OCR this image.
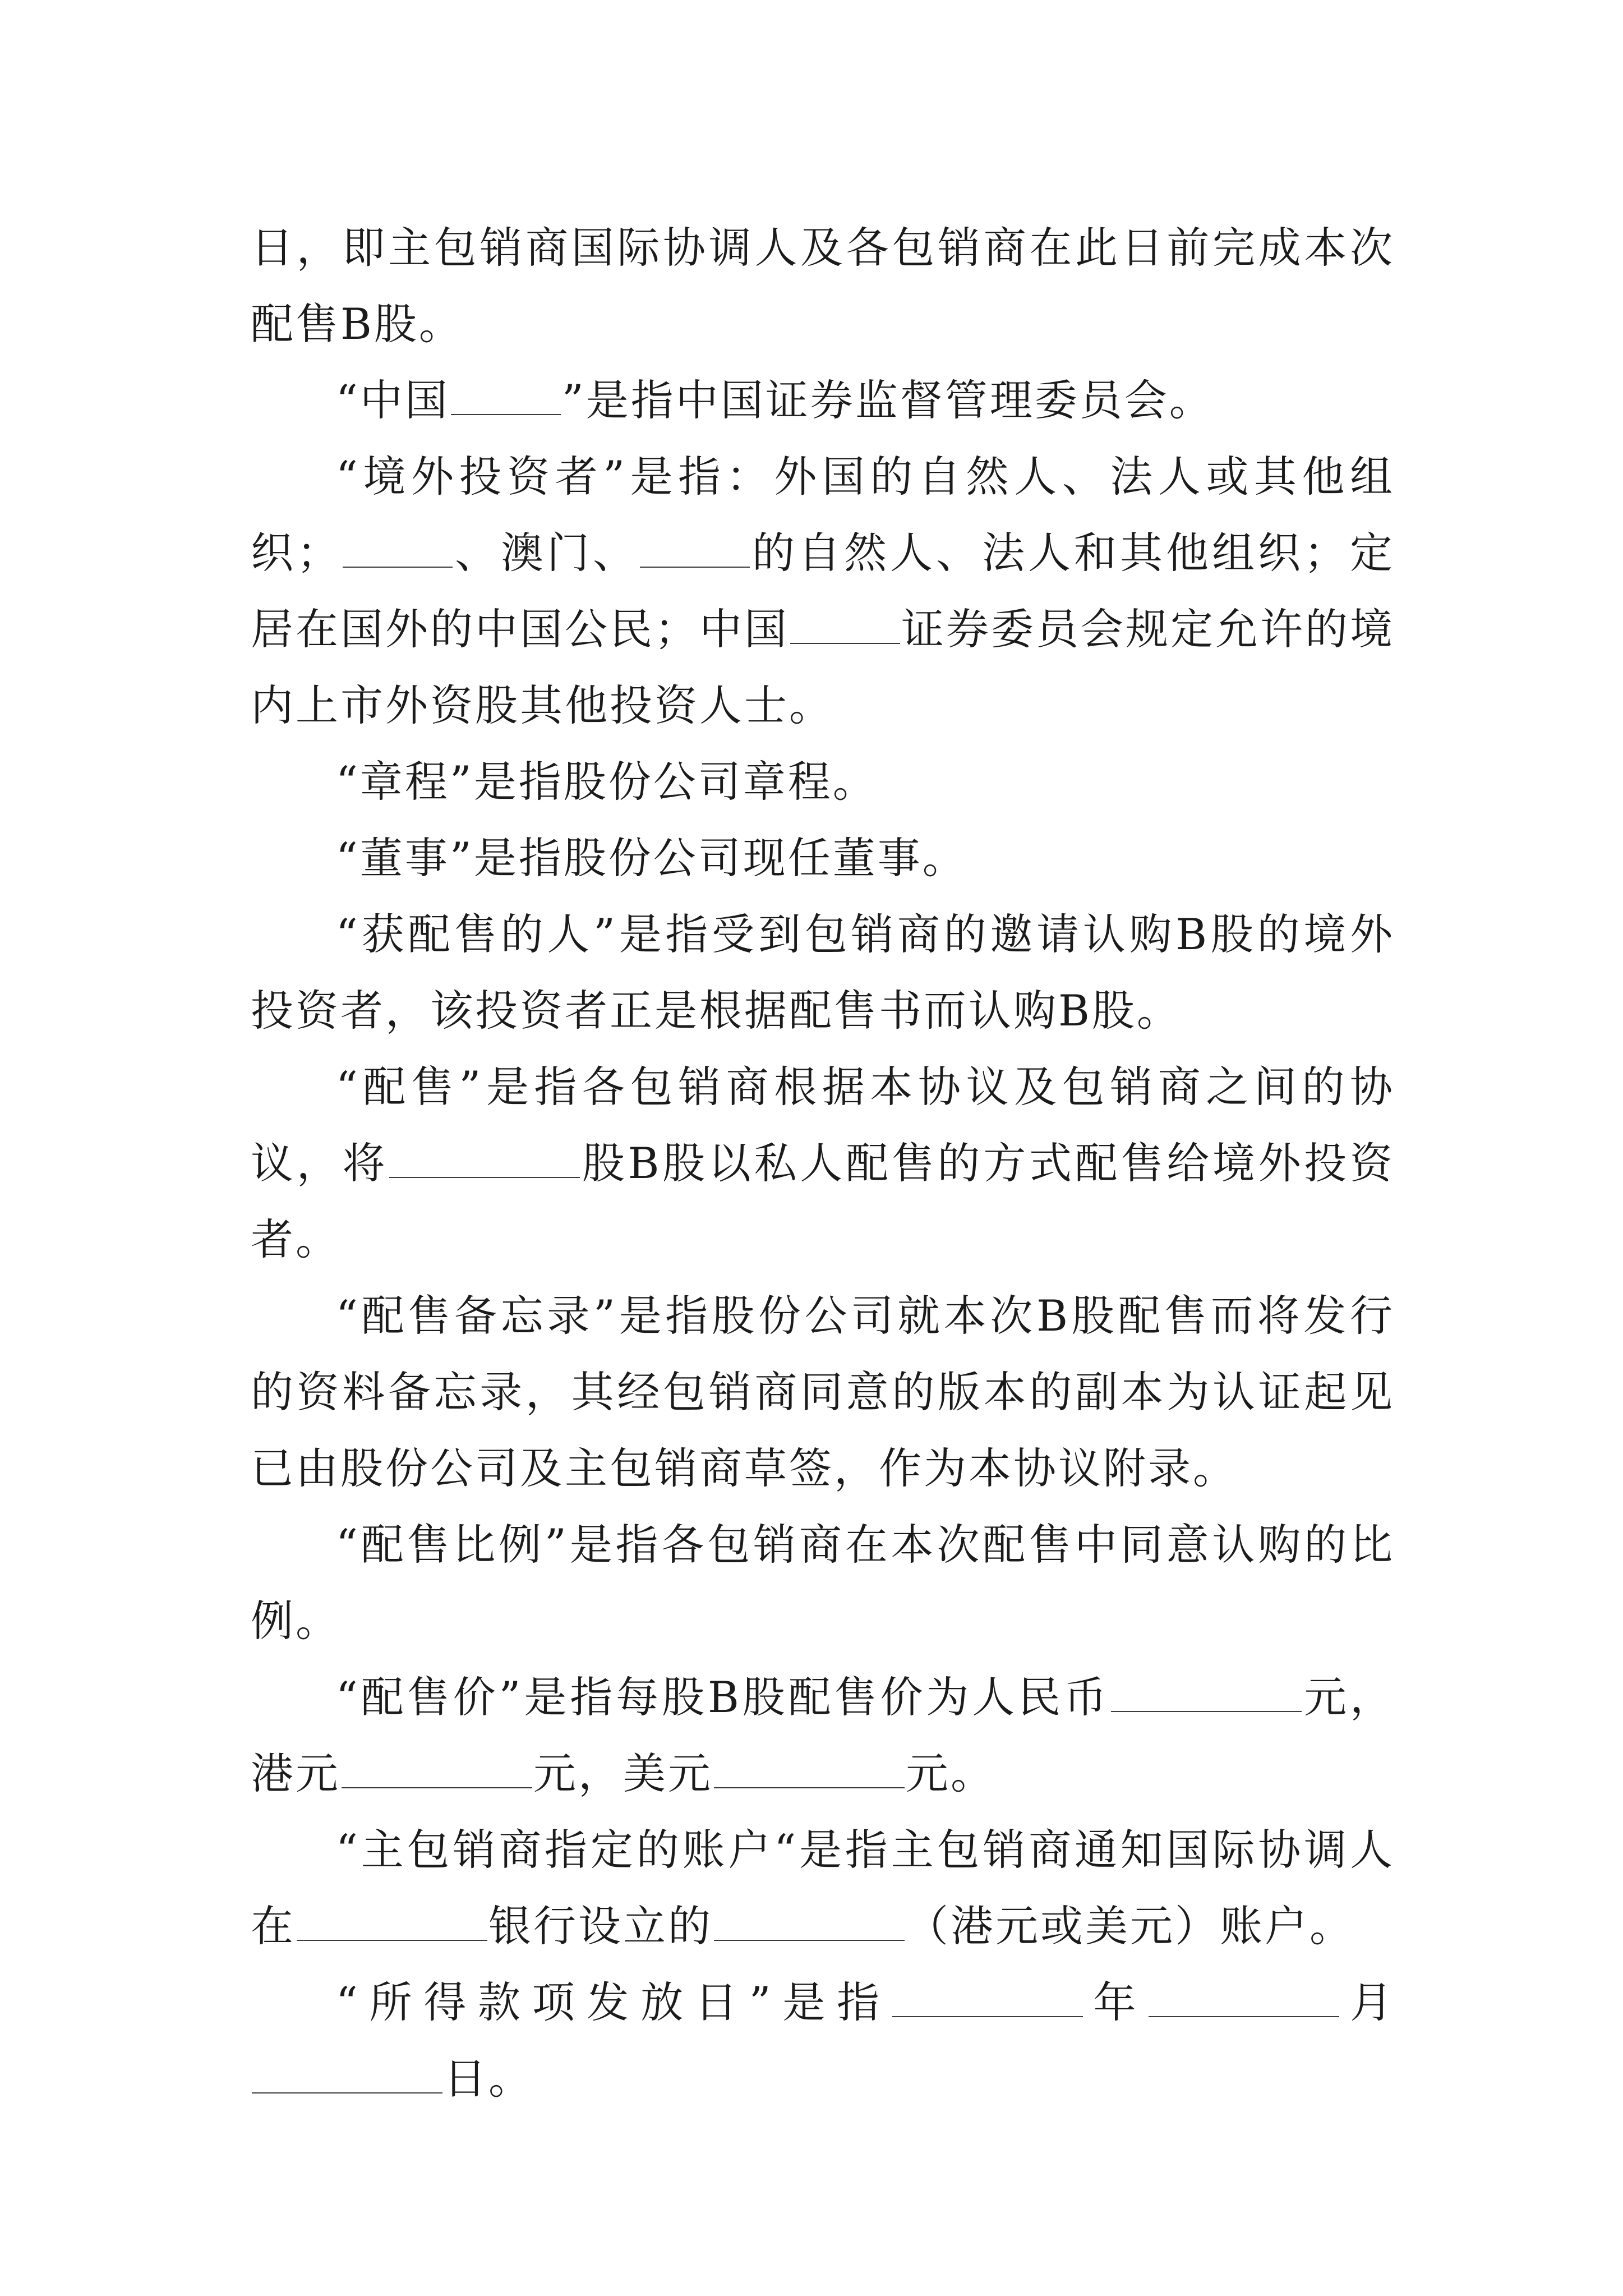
日，即主包销商国际协调人及各包销商在此日前完成本次配售B股。

“中国	”是指中国证券监督管理委员会。

“境外投资者”是指：外国的自然人、法人或其他组织；	、澳门、	的自然人、法人和其他组织；定居在国外的中国公民；中国	证券委员会规定允许的境内上市外资股其他投资人士。

“章程”是指股份公司章程。

“董事”是指股份公司现任董事。

“获配售的人”是指受到包销商的邀请认购B股的境外投资者，该投资者正是根据配售书而认购B股。

“配售”是指各包销商根据本协议及包销商之间的协议，将	股B股以私人配售的方式配售给境外投资者。

“配售备忘录”是指股份公司就本次B股配售而将发行的资料备忘录，其经包销商同意的版本的副本为认证起见已由股份公司及主包销商草签，作为本协议附录。

“配售比例”是指各包销商在本次配售中同意认购的比例。

“配售价”是指每股B股配售价为人民币	元，港元	元，美元	元。

“主包销商指定的账户“是指主包销商通知国际协调人在	银行设立的	（港元或美元）账户。

“所得款项发放日”是指	年	月日。
